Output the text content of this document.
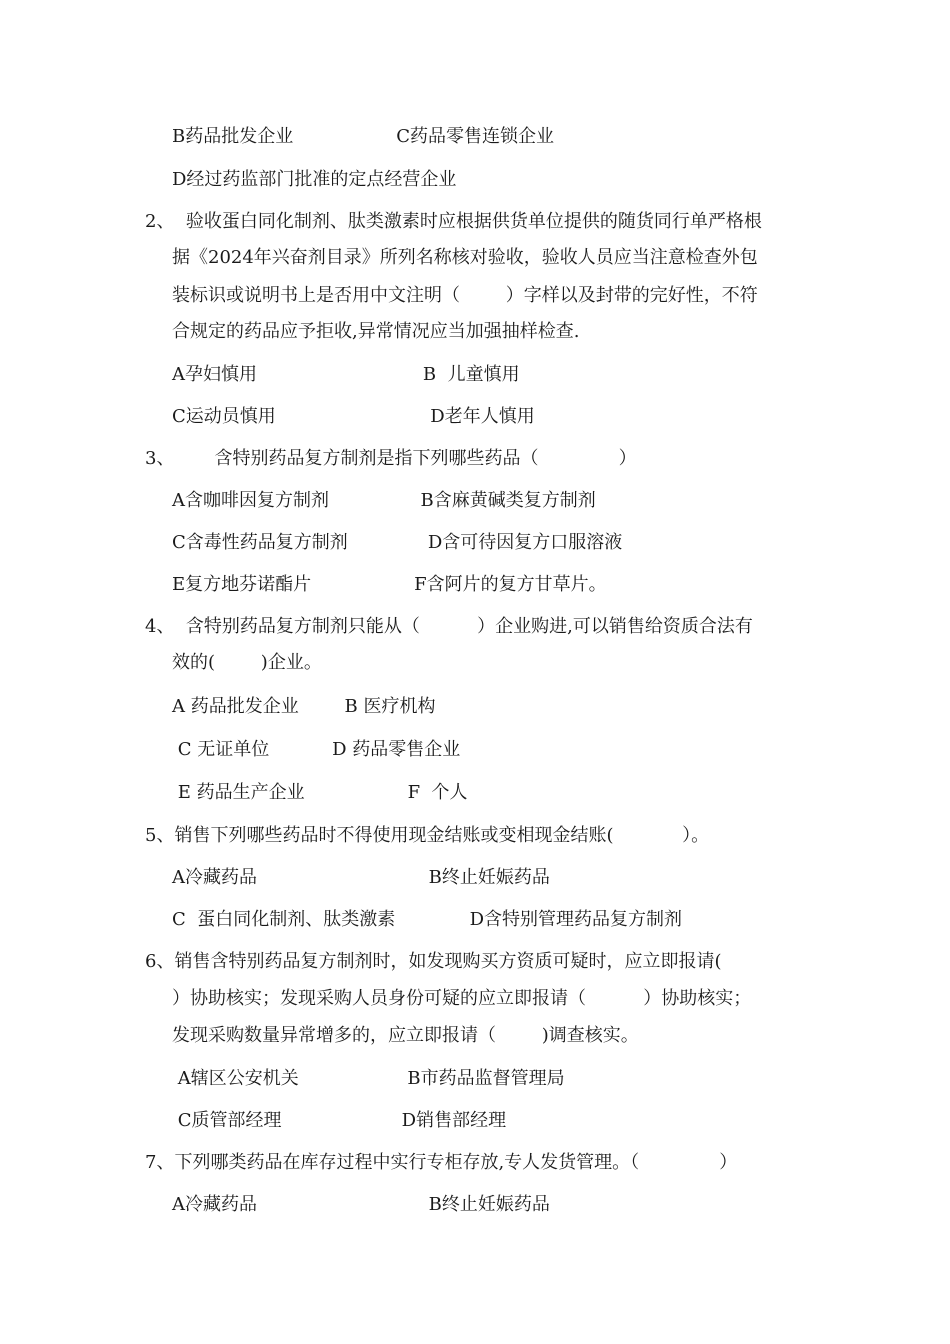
B药品批发企业                  C药品零售连锁企业
D经过药监部门批准的定点经营企业
2、  验收蛋白同化制剂、肽类激素时应根据供货单位提供的随货同行单严格根
据《2024年兴奋剂目录》所列名称核对验收，验收人员应当注意检查外包
装标识或说明书上是否用中文注明（        ）字样以及封带的完好性，不符
合规定的药品应予拒收,异常情况应当加强抽样检查.
A孕妇慎用                             B  儿童慎用
C运动员慎用                           D老年人慎用
3、       含特别药品复方制剂是指下列哪些药品（              ）
A含咖啡因复方制剂                B含麻黄碱类复方制剂
C含毒性药品复方制剂              D含可待因复方口服溶液
E复方地芬诺酯片                  F含阿片的复方甘草片。
4、  含特别药品复方制剂只能从（          ）企业购进,可以销售给资质合法有
效的(        )企业。
A 药品批发企业        B 医疗机构
C 无证单位           D 药品零售企业
E 药品生产企业                  F  个人
5、销售下列哪些药品时不得使用现金结账或变相现金结账(            ）。
A冷藏药品                              B终止妊娠药品
C  蛋白同化制剂、肽类激素             D含特别管理药品复方制剂
6、销售含特别药品复方制剂时，如发现购买方资质可疑时，应立即报请(
）协助核实；发现采购人员身份可疑的应立即报请（          ）协助核实；
发现采购数量异常增多的，应立即报请（        )调查核实。
A辖区公安机关                   B市药品监督管理局
C质管部经理                     D销售部经理
7、下列哪类药品在库存过程中实行专柜存放,专人发货管理。（              ）
A冷藏药品                              B终止妊娠药品
